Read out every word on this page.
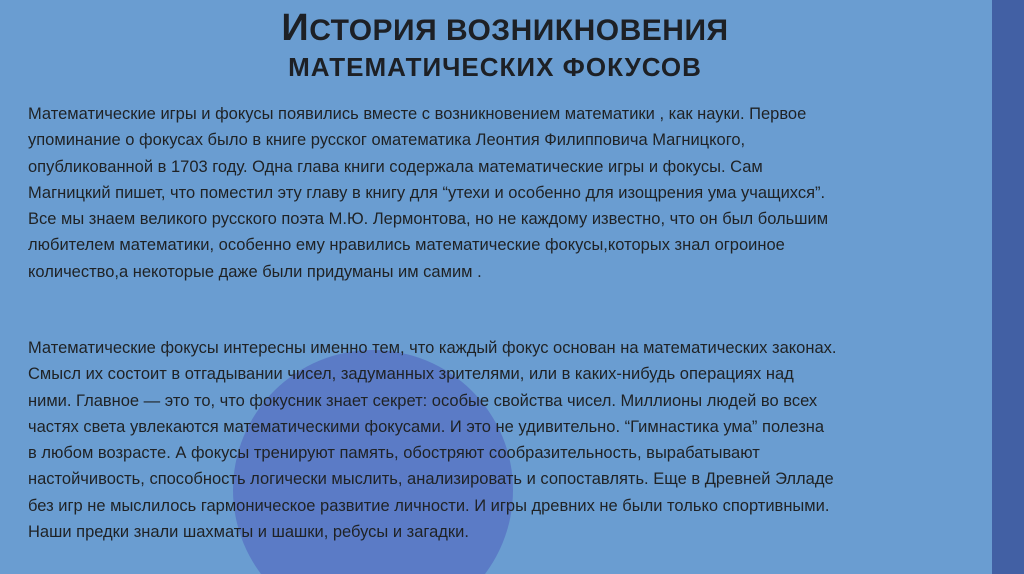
ИСТОРИЯ ВОЗНИКНОВЕНИЯ
МАТЕМАТИЧЕСКИХ ФОКУСОВ

Математические игры и фокусы появились вместе с возникновением математики , как науки. Первое
упоминание о фокусах было в книге русског оматематика Леонтия Филипповича Магницкого,
опубликованной в 1703 году. Одна глава книги содержала математические игры и фокусы. Сам
Магницкий пишет, что поместил эту главу в книгу для “утехи и особенно для изощрения ума учащихся”.
Все мы знаем великого русского поэта М.Ю. Лермонтова, но не каждому известно, что он был большим
любителем математики, особенно ему нравились математические фокусы,которых знал огроиное
количество,а некоторые даже были придуманы им самим .

Математические фокусы интересны именно тем, что каждый фокус основан на математических законах.
Смысл их состоит в отгадывании чисел, задуманных зрителями, или в каких-нибудь операциях над
ними. Главное — это то, что фокусник знает секрет: особые свойства чисел. Миллионы людей во всех
частях света увлекаются математическими фокусами. И это не удивительно. “Гимнастика ума” полезна
в любом возрасте. А фокусы тренируют память, обостряют сообразительность, вырабатывают
настойчивость, способность логически мыслить, анализировать и сопоставлять. Еще в Древней Элладе
без игр не мыслилось гармоническое развитие личности. И игры древних не были только спортивными.
Наши предки знали шахматы и шашки, ребусы и загадки.
